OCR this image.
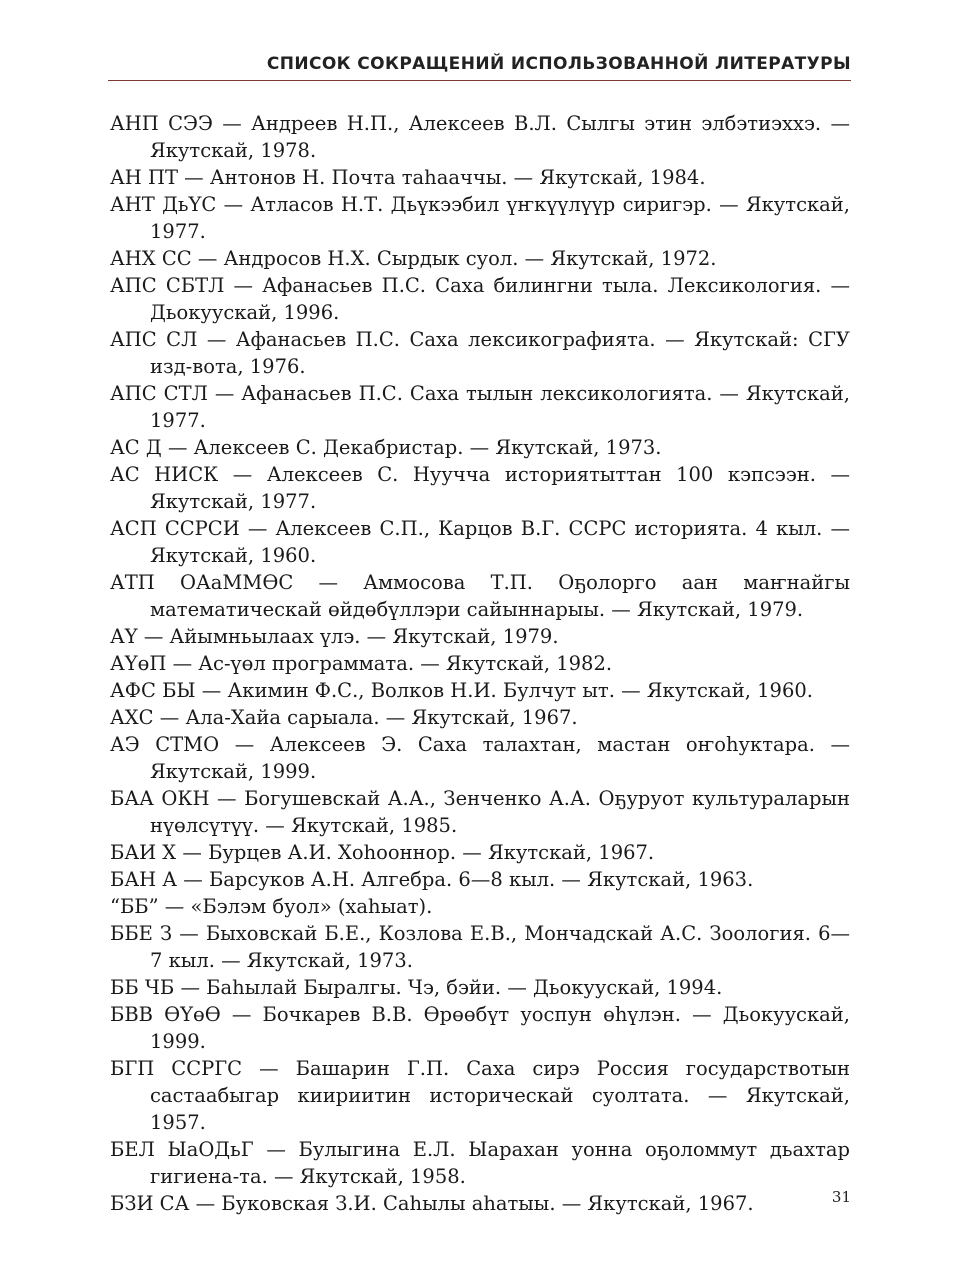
СПИСОК СОКРАЩЕНИЙ ИСПОЛЬЗОВАННОЙ ЛИТЕРАТУРЫ

АНП СЭЭ — Андреев Н.П., Алексеев В.Л. Сылгы этин элбэтиэххэ. — Якутскай, 1978.

АН ПТ — Антонов Н. Почта таhааччы. — Якутскай, 1984.

АНТ ДьҮС — Атласов Н.Т. Дьүкээбил үҥкүүлүүр сиригэр. — Якутскай, 1977.

АНХ СС — Андросов Н.Х. Сырдык суол. — Якутскай, 1972.

АПС СБТЛ — Афанасьев П.С. Саха билингни тыла. Лексикология. — Дьокуускай, 1996.

АПС СЛ — Афанасьев П.С. Саха лексикографията. — Якутскай: СГУ изд-вота, 1976.

АПС СТЛ — Афанасьев П.С. Саха тылын лексикологията. — Якутскай, 1977.

АС Д — Алексеев С. Декабристар. — Якутскай, 1973.

АС НИСК — Алексеев С. Нуучча историятыттан 100 кэпсээн. — Якутскай, 1977.

АСП ССРСИ — Алексеев С.П., Карцов В.Г. ССРС историята. 4 кыл. — Якутскай, 1960.

АТП ОАаММӨС — Аммосова Т.П. Оҕолорго аан маҥнайгы математическай өйдөбүллэри сайыннарыы. — Якутскай, 1979.

АҮ — Айымньылаах үлэ. — Якутскай, 1979.

АҮөП — Ас-үөл программата. — Якутскай, 1982.

АФС БЫ — Акимин Ф.С., Волков Н.И. Булчут ыт. — Якутскай, 1960.

АХС — Ала-Хайа сарыала. — Якутскай, 1967.

АЭ СТМО — Алексеев Э. Саха талахтан, мастан оҥоһуктара. — Якутскай, 1999.

БАА ОКН — Богушевскай А.А., Зенченко А.А. Оҕуруот культураларын нүөлсүтүү. — Якутскай, 1985.

БАИ Х — Бурцев А.И. Хоhооннор. — Якутскай, 1967.

БАН А — Барсуков А.Н. Алгебра. 6—8 кыл. — Якутскай, 1963.

“ББ” — «Бэлэм буол» (хаhыат).

ББЕ З — Быховскай Б.Е., Козлова Е.В., Мончадскай А.С. Зоология. 6—7 кыл. — Якутскай, 1973.

ББ ЧБ — Баhылай Быралгы. Чэ, бэйи. — Дьокуускай, 1994.

БВВ ӨҮөӨ — Бочкарев В.В. Өрөөбүт уоспун өһүлэн. — Дьокуускай, 1999.

БГП ССРГС — Башарин Г.П. Саха сирэ Россия государствотын састаабыгар киириитин историческай суолтата. — Якутскай, 1957.

БЕЛ ЫаОДьГ — Булыгина Е.Л. Ыарахан уонна оҕоломмут дьахтар гигиена-та. — Якутскай, 1958.

БЗИ СА — Буковская З.И. Саhылы аhатыы. — Якутскай, 1967.	31
